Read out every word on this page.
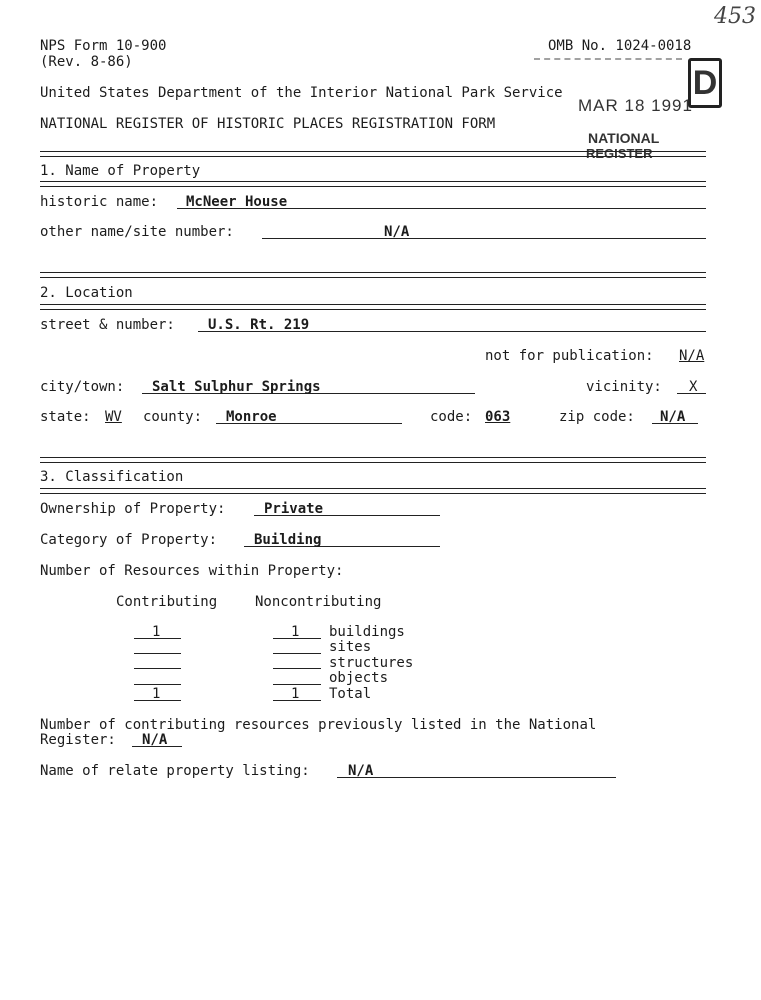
453
NPS Form 10-900
(Rev. 8-86)
OMB No. 1024-0018
United States Department of the Interior National Park Service
NATIONAL REGISTER OF HISTORIC PLACES REGISTRATION FORM
D
MAR 18 1991
NATIONAL
REGISTER
1. Name of Property
historic name: McNeer House
other name/site number:	N/A
2. Location
street & number: U.S. Rt. 219
not for publication: N/A
city/town: Salt Sulphur Springs	vicinity: X
state: WV county: Monroe	code: 063	zip code: N/A
3. Classification
Ownership of Property:	Private
Category of Property:	Building
Number of Resources within Property:
Contributing	Noncontributing
1	1 buildings
sites
structures
objects
1	1 Total
Number of contributing resources previously listed in the National
Register: N/A
Name of relate property listing:	N/A
